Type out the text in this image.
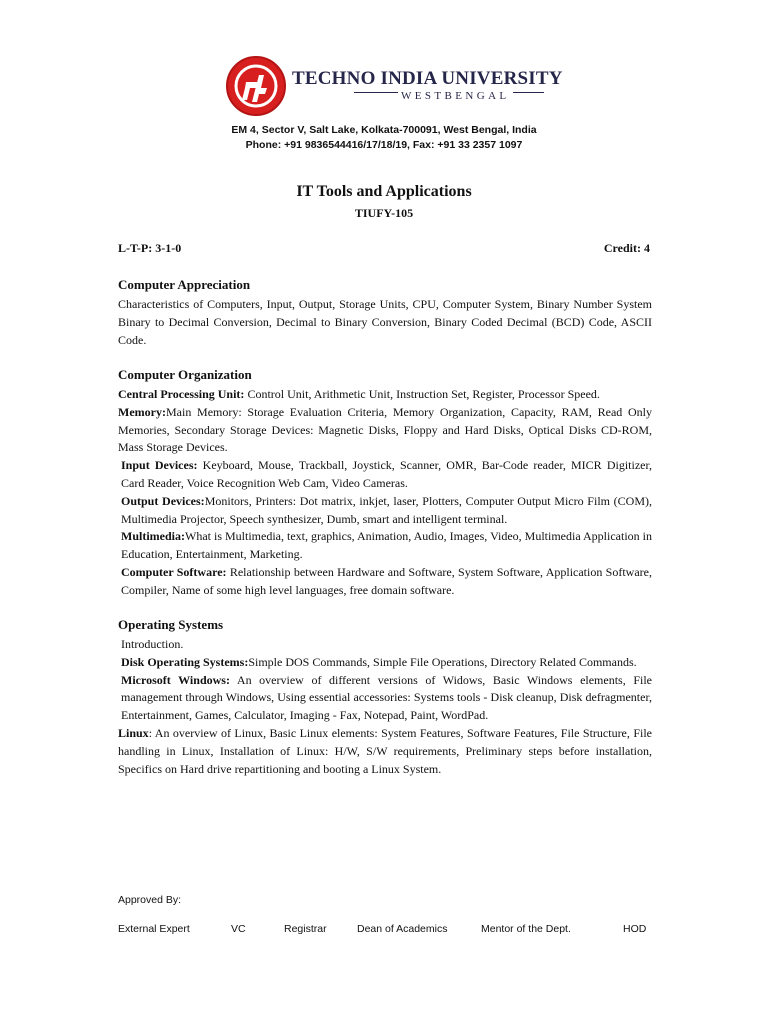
TECHNO INDIA UNIVERSITY
WESTBENGAL
EM 4, Sector V, Salt Lake, Kolkata-700091, West Bengal, India
Phone: +91 9836544416/17/18/19, Fax: +91 33 2357 1097
IT Tools and Applications
TIUFY-105
L-T-P: 3-1-0	Credit: 4
Computer Appreciation

Characteristics of Computers, Input, Output, Storage Units, CPU, Computer System, Binary Number System Binary to Decimal Conversion, Decimal to Binary Conversion, Binary Coded Decimal (BCD) Code, ASCII Code.

Computer Organization

Central Processing Unit: Control Unit, Arithmetic Unit, Instruction Set, Register, Processor Speed.

Memory:Main Memory: Storage Evaluation Criteria, Memory Organization, Capacity, RAM, Read Only Memories, Secondary Storage Devices: Magnetic Disks, Floppy and Hard Disks, Optical Disks CD-ROM, Mass Storage Devices.

Input Devices: Keyboard, Mouse, Trackball, Joystick, Scanner, OMR, Bar-Code reader, MICR Digitizer, Card Reader, Voice Recognition Web Cam, Video Cameras.

Output Devices:Monitors, Printers: Dot matrix, inkjet, laser, Plotters, Computer Output Micro Film (COM), Multimedia Projector, Speech synthesizer, Dumb, smart and intelligent terminal.

Multimedia:What is Multimedia, text, graphics, Animation, Audio, Images, Video, Multimedia Application in Education, Entertainment, Marketing.

Computer Software: Relationship between Hardware and Software, System Software, Application Software, Compiler, Name of some high level languages, free domain software.

Operating Systems

Introduction.

Disk Operating Systems:Simple DOS Commands, Simple File Operations, Directory Related Commands.

Microsoft Windows: An overview of different versions of Widows, Basic Windows elements, File management through Windows, Using essential accessories: Systems tools - Disk cleanup, Disk defragmenter, Entertainment, Games, Calculator, Imaging - Fax, Notepad, Paint, WordPad.

Linux: An overview of Linux, Basic Linux elements: System Features, Software Features, File Structure, File handling in Linux, Installation of Linux: H/W, S/W requirements, Preliminary steps before installation, Specifics on Hard drive repartitioning and booting a Linux System.

Approved By:
External Expert	VC	Registrar	Dean of Academics	Mentor of the Dept.	HOD
